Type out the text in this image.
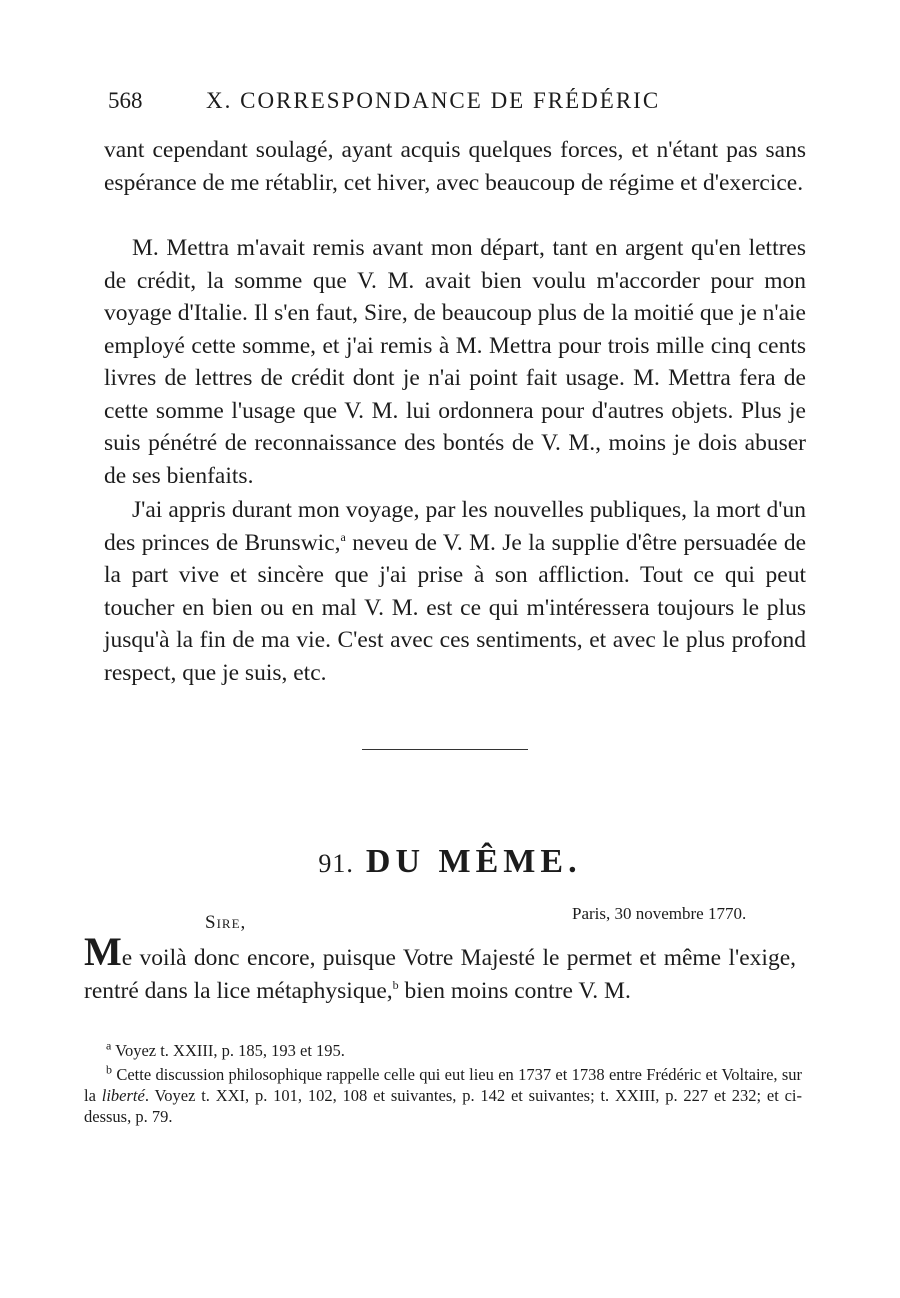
568	X. CORRESPONDANCE DE FRÉDÉRIC

vant cependant soulagé, ayant acquis quelques forces, et n'étant pas sans espérance de me rétablir, cet hiver, avec beaucoup de régime et d'exercice.

M. Mettra m'avait remis avant mon départ, tant en argent qu'en lettres de crédit, la somme que V. M. avait bien voulu m'accorder pour mon voyage d'Italie. Il s'en faut, Sire, de beaucoup plus de la moitié que je n'aie employé cette somme, et j'ai remis à M. Mettra pour trois mille cinq cents livres de lettres de crédit dont je n'ai point fait usage. M. Mettra fera de cette somme l'usage que V. M. lui ordonnera pour d'autres objets. Plus je suis pénétré de reconnaissance des bontés de V. M., moins je dois abuser de ses bienfaits.

J'ai appris durant mon voyage, par les nouvelles publiques, la mort d'un des princes de Brunswic,$^a$ neveu de V. M. Je la supplie d'être persuadée de la part vive et sincère que j'ai prise à son affliction. Tout ce qui peut toucher en bien ou en mal V. M. est ce qui m'intéressera toujours le plus jusqu'à la fin de ma vie. C'est avec ces sentiments, et avec le plus profond respect, que je suis, etc.

91. DU MÊME.
Sire,	Paris, 30 novembre 1770.

Me voilà donc encore, puisque Votre Majesté le permet et même l'exige, rentré dans la lice métaphysique,$^b$ bien moins contre V. M.

$^a$ Voyez t. XXIII, p. 185, 193 et 195.

$^b$ Cette discussion philosophique rappelle celle qui eut lieu en 1737 et 1738 entre Frédéric et Voltaire, sur la liberté. Voyez t. XXI, p. 101, 102, 108 et suivantes, p. 142 et suivantes; t. XXIII, p. 227 et 232; et ci-dessus, p. 79.
